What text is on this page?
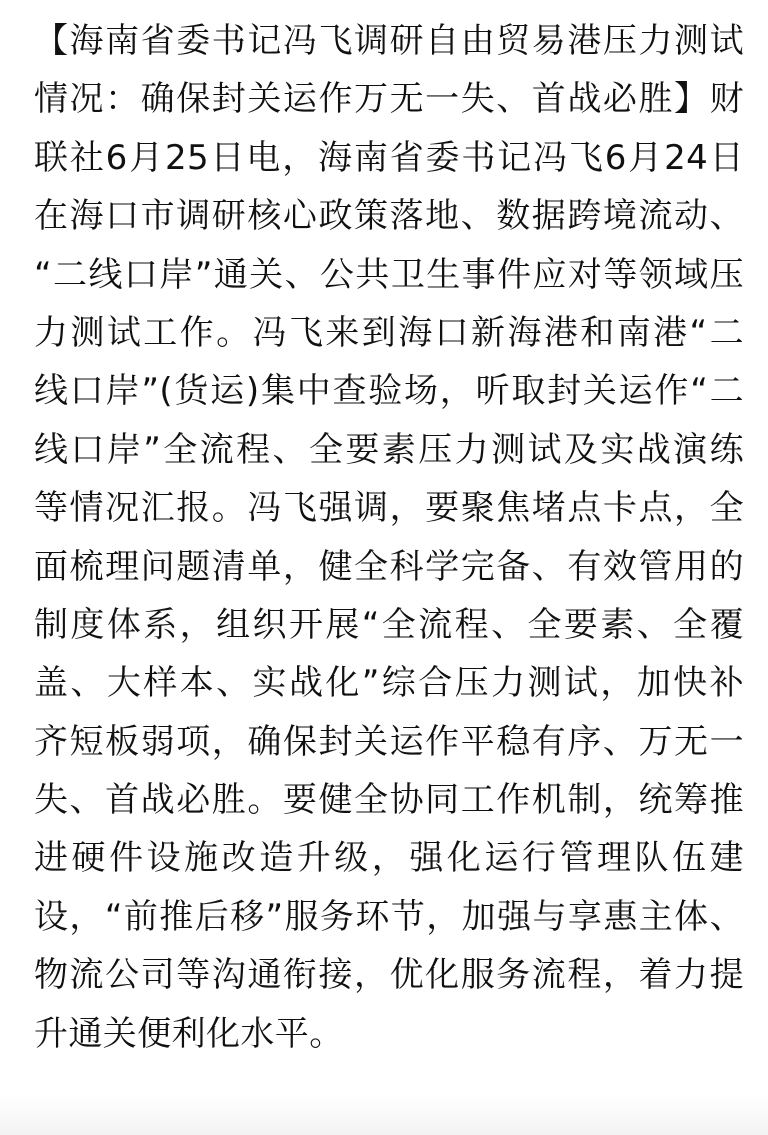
【海南省委书记冯飞调研自由贸易港压力测试
情况：确保封关运作万无一失、首战必胜】财
联社6月25日电，海南省委书记冯飞6月24日
在海口市调研核心政策落地、数据跨境流动、
“二线口岸”通关、公共卫生事件应对等领域压
力测试工作。冯飞来到海口新海港和南港“二
线口岸”(货运)集中查验场，听取封关运作“二
线口岸”全流程、全要素压力测试及实战演练
等情况汇报。冯飞强调，要聚焦堵点卡点，全
面梳理问题清单，健全科学完备、有效管用的
制度体系，组织开展“全流程、全要素、全覆
盖、大样本、实战化”综合压力测试，加快补
齐短板弱项，确保封关运作平稳有序、万无一
失、首战必胜。要健全协同工作机制，统筹推
进硬件设施改造升级，强化运行管理队伍建
设，“前推后移”服务环节，加强与享惠主体、
物流公司等沟通衔接，优化服务流程，着力提
升通关便利化水平。
